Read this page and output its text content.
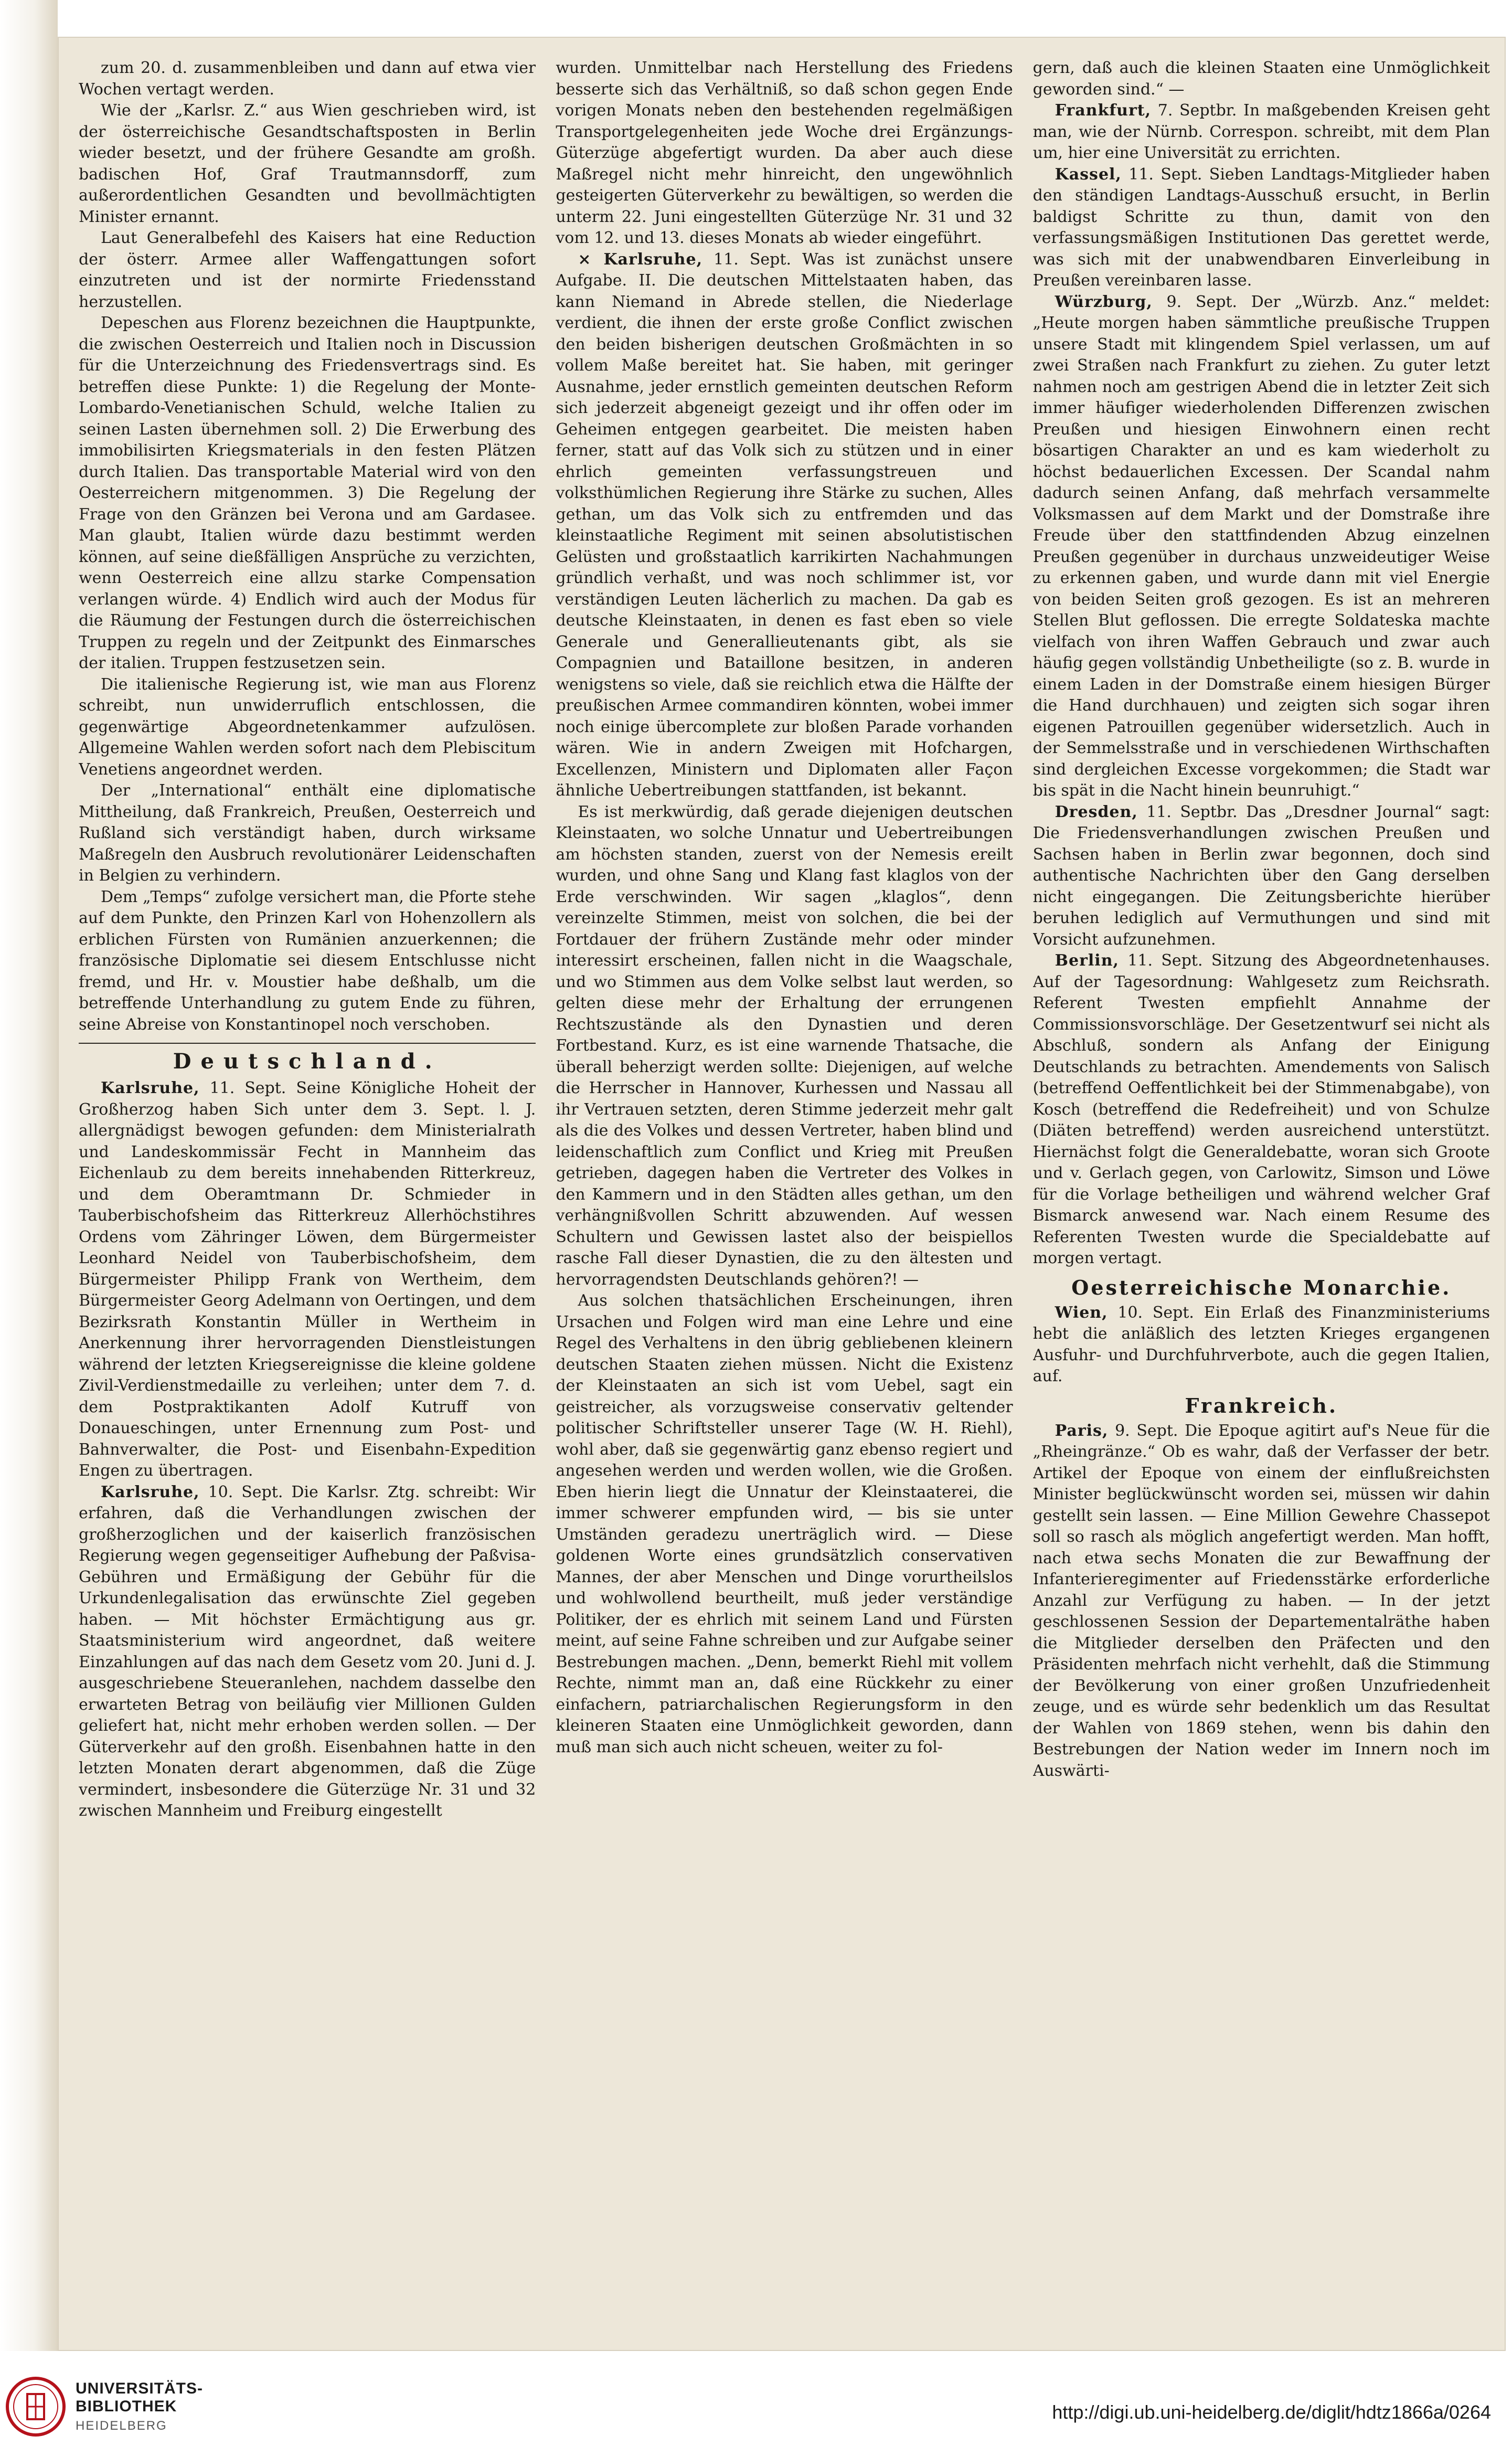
zum 20. d. zusammenbleiben und dann auf etwa vier Wochen vertagt werden.

Wie der „Karlsr. Z.“ aus Wien geschrieben wird, ist der österreichische Gesandtschaftsposten in Berlin wieder besetzt, und der frühere Gesandte am großh. badischen Hof, Graf Trautmannsdorff, zum außerordentlichen Gesandten und bevollmächtigten Minister ernannt.

Laut Generalbefehl des Kaisers hat eine Reduction der österr. Armee aller Waffengattungen sofort einzutreten und ist der normirte Friedensstand herzustellen.

Depeschen aus Florenz bezeichnen die Hauptpunkte, die zwischen Oesterreich und Italien noch in Discussion für die Unterzeichnung des Friedensvertrags sind. Es betreffen diese Punkte: 1) die Regelung der Monte-Lombardo-Venetianischen Schuld, welche Italien zu seinen Lasten übernehmen soll. 2) Die Erwerbung des immobilisirten Kriegsmaterials in den festen Plätzen durch Italien. Das transportable Material wird von den Oesterreichern mitgenommen. 3) Die Regelung der Frage von den Gränzen bei Verona und am Gardasee. Man glaubt, Italien würde dazu bestimmt werden können, auf seine dießfälligen Ansprüche zu verzichten, wenn Oesterreich eine allzu starke Compensation verlangen würde. 4) Endlich wird auch der Modus für die Räumung der Festungen durch die österreichischen Truppen zu regeln und der Zeitpunkt des Einmarsches der italien. Truppen festzusetzen sein.

Die italienische Regierung ist, wie man aus Florenz schreibt, nun unwiderruflich entschlossen, die gegenwärtige Abgeordnetenkammer aufzulösen. Allgemeine Wahlen werden sofort nach dem Plebiscitum Venetiens angeordnet werden.

Der „International“ enthält eine diplomatische Mittheilung, daß Frankreich, Preußen, Oesterreich und Rußland sich verständigt haben, durch wirksame Maßregeln den Ausbruch revolutionärer Leidenschaften in Belgien zu verhindern.

Dem „Temps“ zufolge versichert man, die Pforte stehe auf dem Punkte, den Prinzen Karl von Hohenzollern als erblichen Fürsten von Rumänien anzuerkennen; die französische Diplomatie sei diesem Entschlusse nicht fremd, und Hr. v. Moustier habe deßhalb, um die betreffende Unterhandlung zu gutem Ende zu führen, seine Abreise von Konstantinopel noch verschoben.

Deutschland.

Karlsruhe, 11. Sept. Seine Königliche Hoheit der Großherzog haben Sich unter dem 3. Sept. l. J. allergnädigst bewogen gefunden: dem Ministerialrath und Landeskommissär Fecht in Mannheim das Eichenlaub zu dem bereits innehabenden Ritterkreuz, und dem Oberamtmann Dr. Schmieder in Tauberbischofsheim das Ritterkreuz Allerhöchstihres Ordens vom Zähringer Löwen, dem Bürgermeister Leonhard Neidel von Tauberbischofsheim, dem Bürgermeister Philipp Frank von Wertheim, dem Bürgermeister Georg Adelmann von Oertingen, und dem Bezirksrath Konstantin Müller in Wertheim in Anerkennung ihrer hervorragenden Dienstleistungen während der letzten Kriegsereignisse die kleine goldene Zivil-Verdienstmedaille zu verleihen; unter dem 7. d. dem Postpraktikanten Adolf Kutruff von Donaueschingen, unter Ernennung zum Post- und Bahnverwalter, die Post- und Eisenbahn-Expedition Engen zu übertragen.

Karlsruhe, 10. Sept. Die Karlsr. Ztg. schreibt: Wir erfahren, daß die Verhandlungen zwischen der großherzoglichen und der kaiserlich französischen Regierung wegen gegenseitiger Aufhebung der Paßvisa-Gebühren und Ermäßigung der Gebühr für die Urkundenlegalisation das erwünschte Ziel gegeben haben. — Mit höchster Ermächtigung aus gr. Staatsministerium wird angeordnet, daß weitere Einzahlungen auf das nach dem Gesetz vom 20. Juni d. J. ausgeschriebene Steueranlehen, nachdem dasselbe den erwarteten Betrag von beiläufig vier Millionen Gulden geliefert hat, nicht mehr erhoben werden sollen. — Der Güterverkehr auf den großh. Eisenbahnen hatte in den letzten Monaten derart abgenommen, daß die Züge vermindert, insbesondere die Güterzüge Nr. 31 und 32 zwischen Mannheim und Freiburg eingestellt

wurden. Unmittelbar nach Herstellung des Friedens besserte sich das Verhältniß, so daß schon gegen Ende vorigen Monats neben den bestehenden regelmäßigen Transportgelegenheiten jede Woche drei Ergänzungs-Güterzüge abgefertigt wurden. Da aber auch diese Maßregel nicht mehr hinreicht, den ungewöhnlich gesteigerten Güterverkehr zu bewältigen, so werden die unterm 22. Juni eingestellten Güterzüge Nr. 31 und 32 vom 12. und 13. dieses Monats ab wieder eingeführt.

× Karlsruhe, 11. Sept. Was ist zunächst unsere Aufgabe. II. Die deutschen Mittelstaaten haben, das kann Niemand in Abrede stellen, die Niederlage verdient, die ihnen der erste große Conflict zwischen den beiden bisherigen deutschen Großmächten in so vollem Maße bereitet hat. Sie haben, mit geringer Ausnahme, jeder ernstlich gemeinten deutschen Reform sich jederzeit abgeneigt gezeigt und ihr offen oder im Geheimen entgegen gearbeitet. Die meisten haben ferner, statt auf das Volk sich zu stützen und in einer ehrlich gemeinten verfassungstreuen und volksthümlichen Regierung ihre Stärke zu suchen, Alles gethan, um das Volk sich zu entfremden und das kleinstaatliche Regiment mit seinen absolutistischen Gelüsten und großstaatlich karrikirten Nachahmungen gründlich verhaßt, und was noch schlimmer ist, vor verständigen Leuten lächerlich zu machen. Da gab es deutsche Kleinstaaten, in denen es fast eben so viele Generale und Generallieutenants gibt, als sie Compagnien und Bataillone besitzen, in anderen wenigstens so viele, daß sie reichlich etwa die Hälfte der preußischen Armee commandiren könnten, wobei immer noch einige übercomplete zur bloßen Parade vorhanden wären. Wie in andern Zweigen mit Hofchargen, Excellenzen, Ministern und Diplomaten aller Façon ähnliche Uebertreibungen stattfanden, ist bekannt.

Es ist merkwürdig, daß gerade diejenigen deutschen Kleinstaaten, wo solche Unnatur und Uebertreibungen am höchsten standen, zuerst von der Nemesis ereilt wurden, und ohne Sang und Klang fast klaglos von der Erde verschwinden. Wir sagen „klaglos“, denn vereinzelte Stimmen, meist von solchen, die bei der Fortdauer der frühern Zustände mehr oder minder interessirt erscheinen, fallen nicht in die Waagschale, und wo Stimmen aus dem Volke selbst laut werden, so gelten diese mehr der Erhaltung der errungenen Rechtszustände als den Dynastien und deren Fortbestand. Kurz, es ist eine warnende Thatsache, die überall beherzigt werden sollte: Diejenigen, auf welche die Herrscher in Hannover, Kurhessen und Nassau all ihr Vertrauen setzten, deren Stimme jederzeit mehr galt als die des Volkes und dessen Vertreter, haben blind und leidenschaftlich zum Conflict und Krieg mit Preußen getrieben, dagegen haben die Vertreter des Volkes in den Kammern und in den Städten alles gethan, um den verhängnißvollen Schritt abzuwenden. Auf wessen Schultern und Gewissen lastet also der beispiellos rasche Fall dieser Dynastien, die zu den ältesten und hervorragendsten Deutschlands gehören?! —

Aus solchen thatsächlichen Erscheinungen, ihren Ursachen und Folgen wird man eine Lehre und eine Regel des Verhaltens in den übrig gebliebenen kleinern deutschen Staaten ziehen müssen. Nicht die Existenz der Kleinstaaten an sich ist vom Uebel, sagt ein geistreicher, als vorzugsweise conservativ geltender politischer Schriftsteller unserer Tage (W. H. Riehl), wohl aber, daß sie gegenwärtig ganz ebenso regiert und angesehen werden und werden wollen, wie die Großen. Eben hierin liegt die Unnatur der Kleinstaaterei, die immer schwerer empfunden wird, — bis sie unter Umständen geradezu unerträglich wird. — Diese goldenen Worte eines grundsätzlich conservativen Mannes, der aber Menschen und Dinge vorurtheilslos und wohlwollend beurtheilt, muß jeder verständige Politiker, der es ehrlich mit seinem Land und Fürsten meint, auf seine Fahne schreiben und zur Aufgabe seiner Bestrebungen machen. „Denn, bemerkt Riehl mit vollem Rechte, nimmt man an, daß eine Rückkehr zu einer einfachern, patriarchalischen Regierungsform in den kleineren Staaten eine Unmöglichkeit geworden, dann muß man sich auch nicht scheuen, weiter zu fol-

gern, daß auch die kleinen Staaten eine Unmöglichkeit geworden sind.“ —

Frankfurt, 7. Septbr. In maßgebenden Kreisen geht man, wie der Nürnb. Correspon. schreibt, mit dem Plan um, hier eine Universität zu errichten.

Kassel, 11. Sept. Sieben Landtags-Mitglieder haben den ständigen Landtags-Ausschuß ersucht, in Berlin baldigst Schritte zu thun, damit von den verfassungsmäßigen Institutionen Das gerettet werde, was sich mit der unabwendbaren Einverleibung in Preußen vereinbaren lasse.

Würzburg, 9. Sept. Der „Würzb. Anz.“ meldet: „Heute morgen haben sämmtliche preußische Truppen unsere Stadt mit klingendem Spiel verlassen, um auf zwei Straßen nach Frankfurt zu ziehen. Zu guter letzt nahmen noch am gestrigen Abend die in letzter Zeit sich immer häufiger wiederholenden Differenzen zwischen Preußen und hiesigen Einwohnern einen recht bösartigen Charakter an und es kam wiederholt zu höchst bedauerlichen Excessen. Der Scandal nahm dadurch seinen Anfang, daß mehrfach versammelte Volksmassen auf dem Markt und der Domstraße ihre Freude über den stattfindenden Abzug einzelnen Preußen gegenüber in durchaus unzweideutiger Weise zu erkennen gaben, und wurde dann mit viel Energie von beiden Seiten groß gezogen. Es ist an mehreren Stellen Blut geflossen. Die erregte Soldateska machte vielfach von ihren Waffen Gebrauch und zwar auch häufig gegen vollständig Unbetheiligte (so z. B. wurde in einem Laden in der Domstraße einem hiesigen Bürger die Hand durchhauen) und zeigten sich sogar ihren eigenen Patrouillen gegenüber widersetzlich. Auch in der Semmelsstraße und in verschiedenen Wirthschaften sind dergleichen Excesse vorgekommen; die Stadt war bis spät in die Nacht hinein beunruhigt.“

Dresden, 11. Septbr. Das „Dresdner Journal“ sagt: Die Friedensverhandlungen zwischen Preußen und Sachsen haben in Berlin zwar begonnen, doch sind authentische Nachrichten über den Gang derselben nicht eingegangen. Die Zeitungsberichte hierüber beruhen lediglich auf Vermuthungen und sind mit Vorsicht aufzunehmen.

Berlin, 11. Sept. Sitzung des Abgeordnetenhauses. Auf der Tagesordnung: Wahlgesetz zum Reichsrath. Referent Twesten empfiehlt Annahme der Commissionsvorschläge. Der Gesetzentwurf sei nicht als Abschluß, sondern als Anfang der Einigung Deutschlands zu betrachten. Amendements von Salisch (betreffend Oeffentlichkeit bei der Stimmenabgabe), von Kosch (betreffend die Redefreiheit) und von Schulze (Diäten betreffend) werden ausreichend unterstützt. Hiernächst folgt die Generaldebatte, woran sich Groote und v. Gerlach gegen, von Carlowitz, Simson und Löwe für die Vorlage betheiligen und während welcher Graf Bismarck anwesend war. Nach einem Resume des Referenten Twesten wurde die Specialdebatte auf morgen vertagt.

Oesterreichische Monarchie.

Wien, 10. Sept. Ein Erlaß des Finanzministeriums hebt die anläßlich des letzten Krieges ergangenen Ausfuhr- und Durchfuhrverbote, auch die gegen Italien, auf.

Frankreich.

Paris, 9. Sept. Die Epoque agitirt auf's Neue für die „Rheingränze.“ Ob es wahr, daß der Verfasser der betr. Artikel der Epoque von einem der einflußreichsten Minister beglückwünscht worden sei, müssen wir dahin gestellt sein lassen. — Eine Million Gewehre Chassepot soll so rasch als möglich angefertigt werden. Man hofft, nach etwa sechs Monaten die zur Bewaffnung der Infanterieregimenter auf Friedensstärke erforderliche Anzahl zur Verfügung zu haben. — In der jetzt geschlossenen Session der Departementalräthe haben die Mitglieder derselben den Präfecten und den Präsidenten mehrfach nicht verhehlt, daß die Stimmung der Bevölkerung von einer großen Unzufriedenheit zeuge, und es würde sehr bedenklich um das Resultat der Wahlen von 1869 stehen, wenn bis dahin den Bestrebungen der Nation weder im Innern noch im Auswärti-

UNIVERSITÄTS-
BIBLIOTHEK
HEIDELBERG
http://digi.ub.uni-heidelberg.de/diglit/hdtz1866a/0264
